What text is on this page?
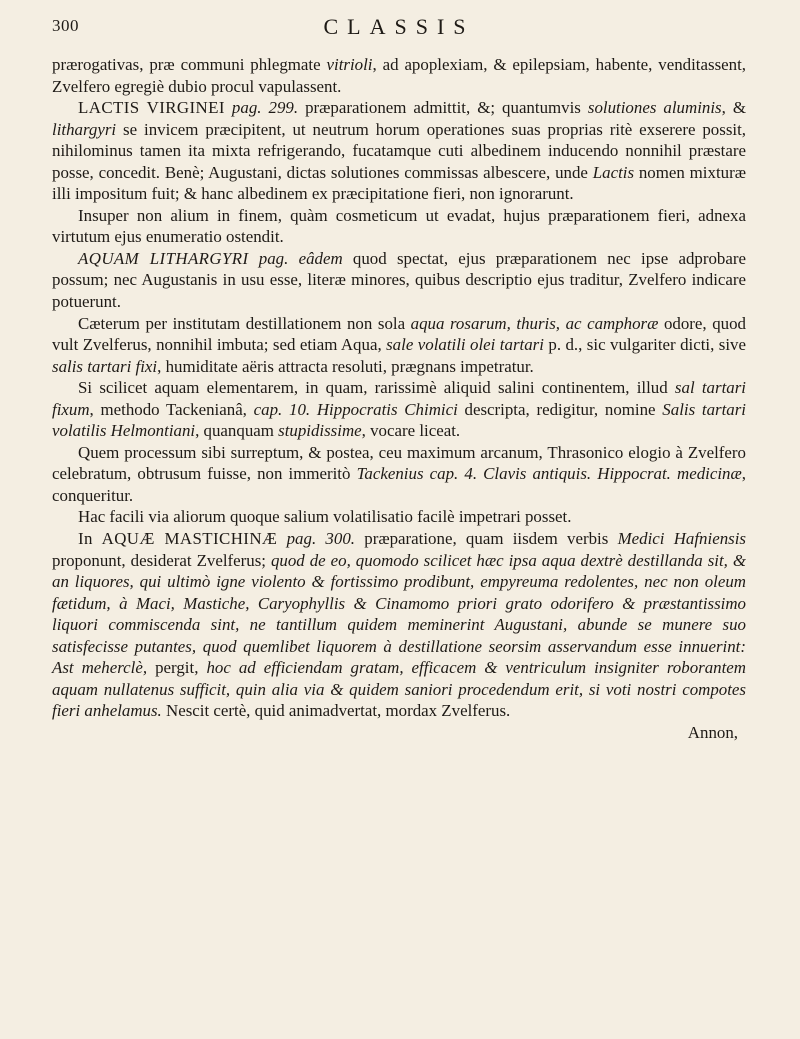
300	CLASSIS

prærogativas, præ communi phlegmate vitrioli, ad apoplexiam, & epilepsiam, habente, venditassent, Zvelfero egregiè dubio procul vapulassent.

LACTIS VIRGINEI pag. 299. præparationem admittit, &; quantumvis solutiones aluminis, & lithargyri se invicem præcipitent, ut neutrum horum operationes suas proprias ritè exserere possit, nihilominus tamen ita mixta refrigerando, fucatamque cuti albedinem inducendo nonnihil præstare posse, concedit. Benè; Augustani, dictas solutiones commissas albescere, unde Lactis nomen mixturæ illi impositum fuit; & hanc albedinem ex præcipitatione fieri, non ignorarunt.

Insuper non alium in finem, quàm cosmeticum ut evadat, hujus præparationem fieri, adnexa virtutum ejus enumeratio ostendit.

AQUAM LITHARGYRI pag. eâdem quod spectat, ejus præparationem nec ipse adprobare possum; nec Augustanis in usu esse, literæ minores, quibus descriptio ejus traditur, Zvelfero indicare potuerunt.

Cæterum per institutam destillationem non sola aqua rosarum, thuris, ac camphoræ odore, quod vult Zvelferus, nonnihil imbuta; sed etiam Aqua, sale volatili olei tartari p. d., sic vulgariter dicti, sive salis tartari fixi, humiditate aëris attracta resoluti, prægnans impetratur.

Si scilicet aquam elementarem, in quam, rarissimè aliquid salini continentem, illud sal tartari fixum, methodo Tackenianâ, cap. 10. Hippocratis Chimici descripta, redigitur, nomine Salis tartari volatilis Helmontiani, quanquam stupidissime, vocare liceat.

Quem processum sibi surreptum, & postea, ceu maximum arcanum, Thrasonico elogio à Zvelfero celebratum, obtrusum fuisse, non immeritò Tackenius cap. 4. Clavis antiquis. Hippocrat. medicinæ, conqueritur.

Hac facili via aliorum quoque salium volatilisatio facilè impetrari posset.

In AQUÆ MASTICHINÆ pag. 300. præparatione, quam iisdem verbis Medici Hafniensis proponunt, desiderat Zvelferus; quod de eo, quomodo scilicet hæc ipsa aqua dextrè destillanda sit, & an liquores, qui ultimò igne violento & fortissimo prodibunt, empyreuma redolentes, nec non oleum fætidum, à Maci, Mastiche, Caryophyllis & Cinamomo priori grato odorifero & præstantissimo liquori commiscenda sint, ne tantillum quidem meminerint Augustani, abunde se munere suo satisfecisse putantes, quod quemlibet liquorem à destillatione seorsim asservandum esse innuerint: Ast meherclè, pergit, hoc ad efficiendam gratam, efficacem & ventriculum insigniter roborantem aquam nullatenus sufficit, quin alia via & quidem saniori procedendum erit, si voti nostri compotes fieri anhelamus. Nescit certè, quid animadvertat, mordax Zvelferus.

Annon,
